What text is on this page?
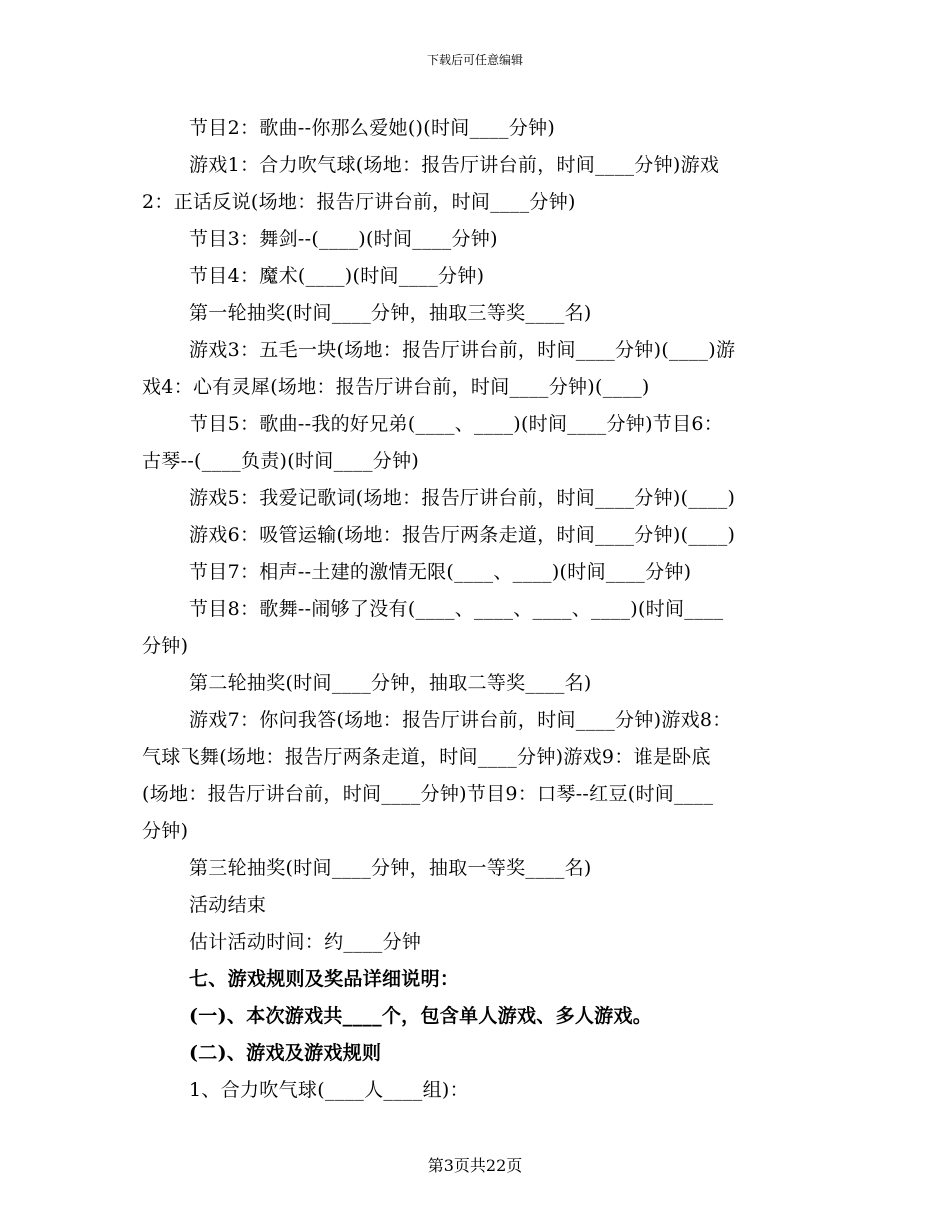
下载后可任意编辑
节目2：歌曲--你那么爱她()(时间____分钟)
游戏1：合力吹气球(场地：报告厅讲台前，时间____分钟)游戏
2：正话反说(场地：报告厅讲台前，时间____分钟)
节目3：舞剑--(____)(时间____分钟)
节目4：魔术(____)(时间____分钟)
第一轮抽奖(时间____分钟，抽取三等奖____名)
游戏3：五毛一块(场地：报告厅讲台前，时间____分钟)(____)游
戏4：心有灵犀(场地：报告厅讲台前，时间____分钟)(____)
节目5：歌曲--我的好兄弟(____、____)(时间____分钟)节目6：
古琴--(____负责)(时间____分钟)
游戏5：我爱记歌词(场地：报告厅讲台前，时间____分钟)(____)
游戏6：吸管运输(场地：报告厅两条走道，时间____分钟)(____)
节目7：相声--土建的激情无限(____、____)(时间____分钟)
节目8：歌舞--闹够了没有(____、____、____、____)(时间____
分钟)
第二轮抽奖(时间____分钟，抽取二等奖____名)
游戏7：你问我答(场地：报告厅讲台前，时间____分钟)游戏8：
气球飞舞(场地：报告厅两条走道，时间____分钟)游戏9：谁是卧底
(场地：报告厅讲台前，时间____分钟)节目9：口琴--红豆(时间____
分钟)
第三轮抽奖(时间____分钟，抽取一等奖____名)
活动结束
估计活动时间：约____分钟
七、游戏规则及奖品详细说明：
(一)、本次游戏共____个，包含单人游戏、多人游戏。
(二)、游戏及游戏规则
1、合力吹气球(____人____组)：
第3页共22页
